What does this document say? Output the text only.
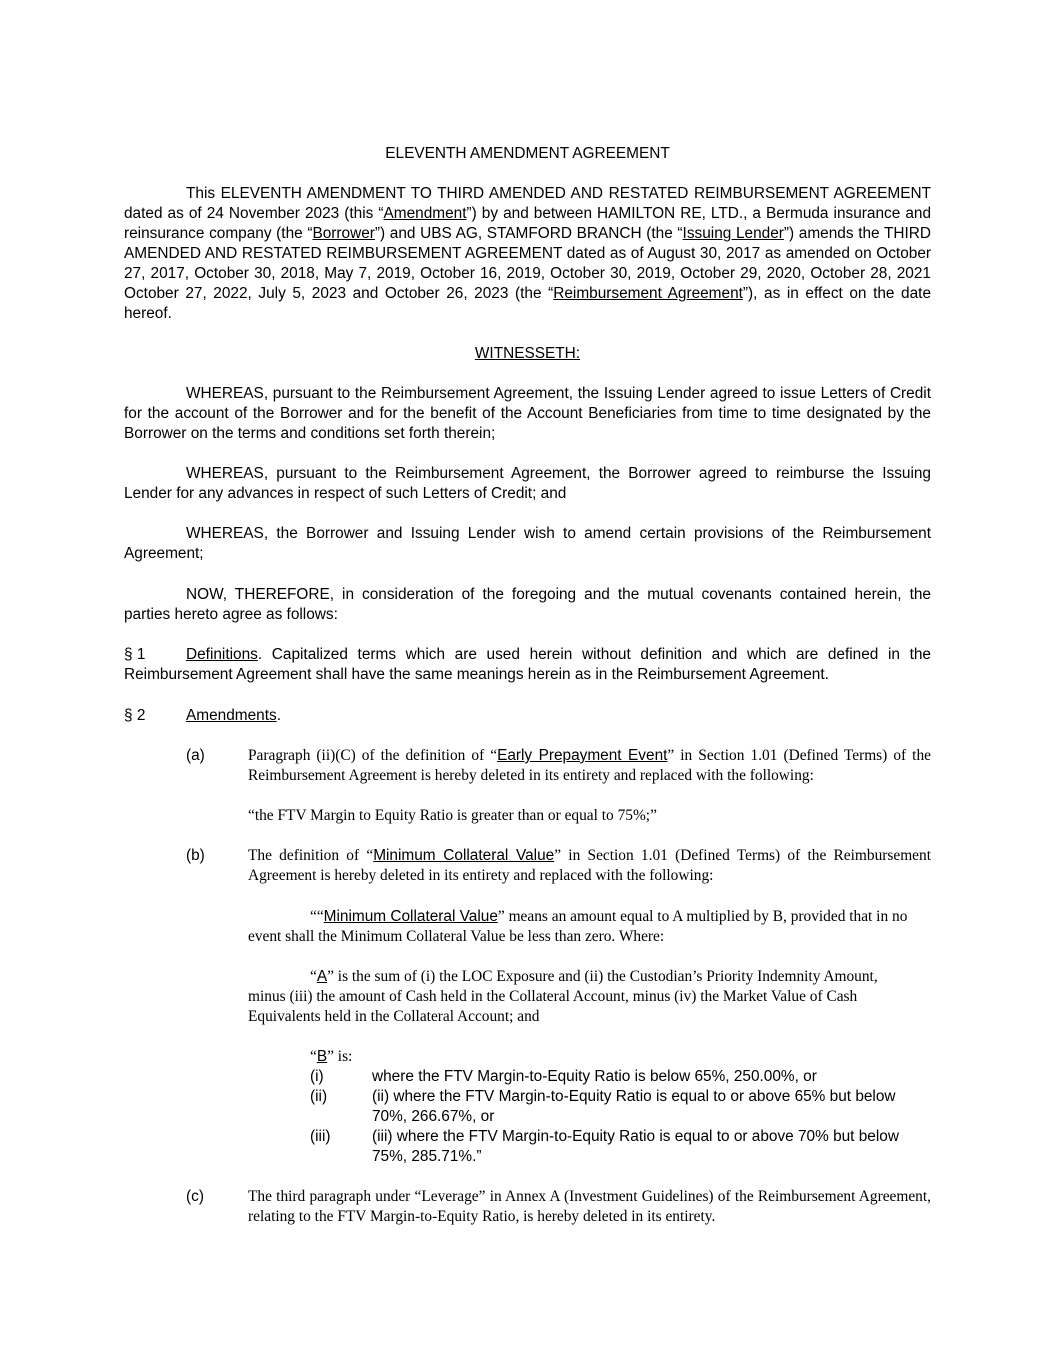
ELEVENTH AMENDMENT AGREEMENT

This ELEVENTH AMENDMENT TO THIRD AMENDED AND RESTATED REIMBURSEMENT AGREEMENT dated as of 24 November 2023 (this “Amendment”) by and between HAMILTON RE, LTD., a Bermuda insurance and reinsurance company (the “Borrower”) and UBS AG, STAMFORD BRANCH (the “Issuing Lender”) amends the THIRD AMENDED AND RESTATED REIMBURSEMENT AGREEMENT dated as of August 30, 2017 as amended on October 27, 2017, October 30, 2018, May 7, 2019, October 16, 2019, October 30, 2019, October 29, 2020, October 28, 2021 October 27, 2022, July 5, 2023 and October 26, 2023 (the “Reimbursement Agreement”), as in effect on the date hereof.

WITNESSETH:

WHEREAS, pursuant to the Reimbursement Agreement, the Issuing Lender agreed to issue Letters of Credit for the account of the Borrower and for the benefit of the Account Beneficiaries from time to time designated by the Borrower on the terms and conditions set forth therein;

WHEREAS, pursuant to the Reimbursement Agreement, the Borrower agreed to reimburse the Issuing Lender for any advances in respect of such Letters of Credit; and

WHEREAS, the Borrower and Issuing Lender wish to amend certain provisions of the Reimbursement Agreement;

NOW, THEREFORE, in consideration of the foregoing and the mutual covenants contained herein, the parties hereto agree as follows:

§ 1	Definitions. Capitalized terms which are used herein without definition and which are defined in the Reimbursement Agreement shall have the same meanings herein as in the Reimbursement Agreement.

§ 2	Amendments.
(a)	Paragraph (ii)(C) of the definition of “Early Prepayment Event” in Section 1.01 (Defined Terms) of the Reimbursement Agreement is hereby deleted in its entirety and replaced with the following:

“the FTV Margin to Equity Ratio is greater than or equal to 75%;”

(b)	The definition of “Minimum Collateral Value” in Section 1.01 (Defined Terms) of the Reimbursement Agreement is hereby deleted in its entirety and replaced with the following:

““Minimum Collateral Value” means an amount equal to A multiplied by B, provided that in no event shall the Minimum Collateral Value be less than zero. Where:

“A” is the sum of (i) the LOC Exposure and (ii) the Custodian’s Priority Indemnity Amount, minus (iii) the amount of Cash held in the Collateral Account, minus (iv) the Market Value of Cash Equivalents held in the Collateral Account; and

“B” is:
(i)	where the FTV Margin-to-Equity Ratio is below 65%, 250.00%, or

(ii)	(ii) where the FTV Margin-to-Equity Ratio is equal to or above 65% but below 70%, 266.67%, or

(iii)	(iii) where the FTV Margin-to-Equity Ratio is equal to or above 70% but below 75%, 285.71%.”

(c)	The third paragraph under “Leverage” in Annex A (Investment Guidelines) of the Reimbursement Agreement, relating to the FTV Margin-to-Equity Ratio, is hereby deleted in its entirety.
